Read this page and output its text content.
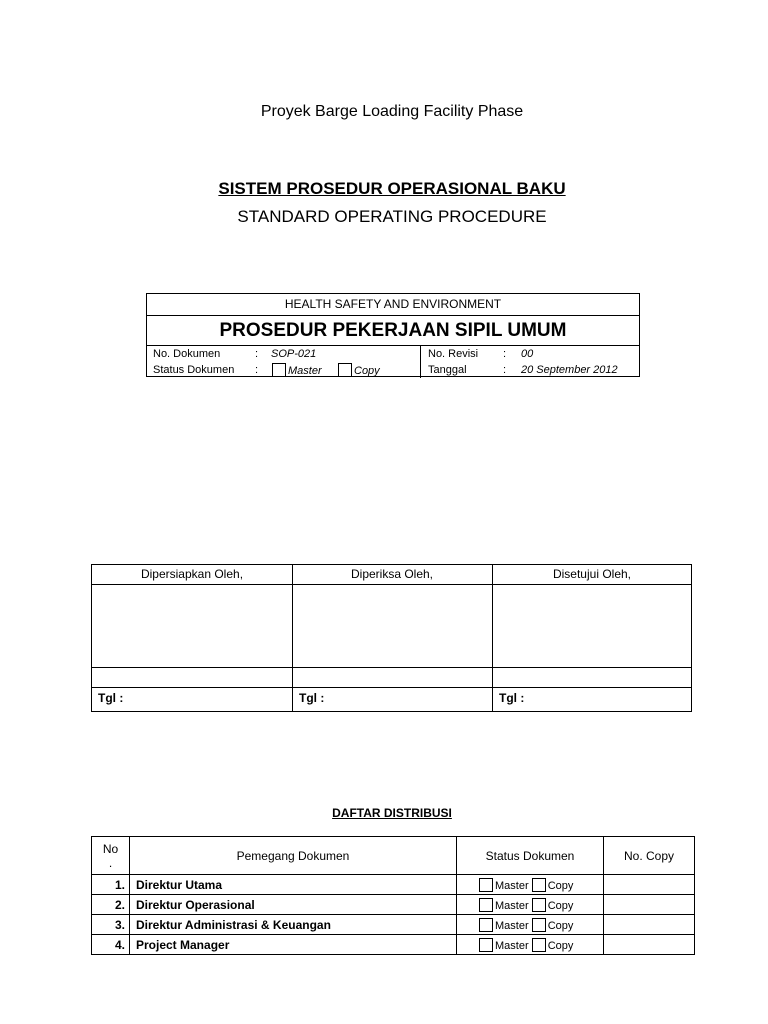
Proyek Barge Loading Facility Phase
SISTEM PROSEDUR OPERASIONAL BAKU
STANDARD OPERATING PROCEDURE
HEALTH SAFETY AND ENVIRONMENT
PROSEDUR PEKERJAAN SIPIL UMUM
No. Dokumen	: SOP-021
Status Dokumen :	Master	Copy
No. Revisi : 00
Tanggal	: 20 September 2012
Dipersiapkan Oleh,	Diperiksa Oleh,	Disetujui Oleh,
Tgl :	Tgl :	Tgl :
DAFTAR DISTRIBUSI
No
.	Pemegang Dokumen	Status Dokumen	No. Copy
1.	Direktur Utama	Master Copy	

2.	Direktur Operasional	Master Copy	

3.	Direktur Administrasi & Keuangan	Master Copy	

4.	Project Manager	Master Copy	
